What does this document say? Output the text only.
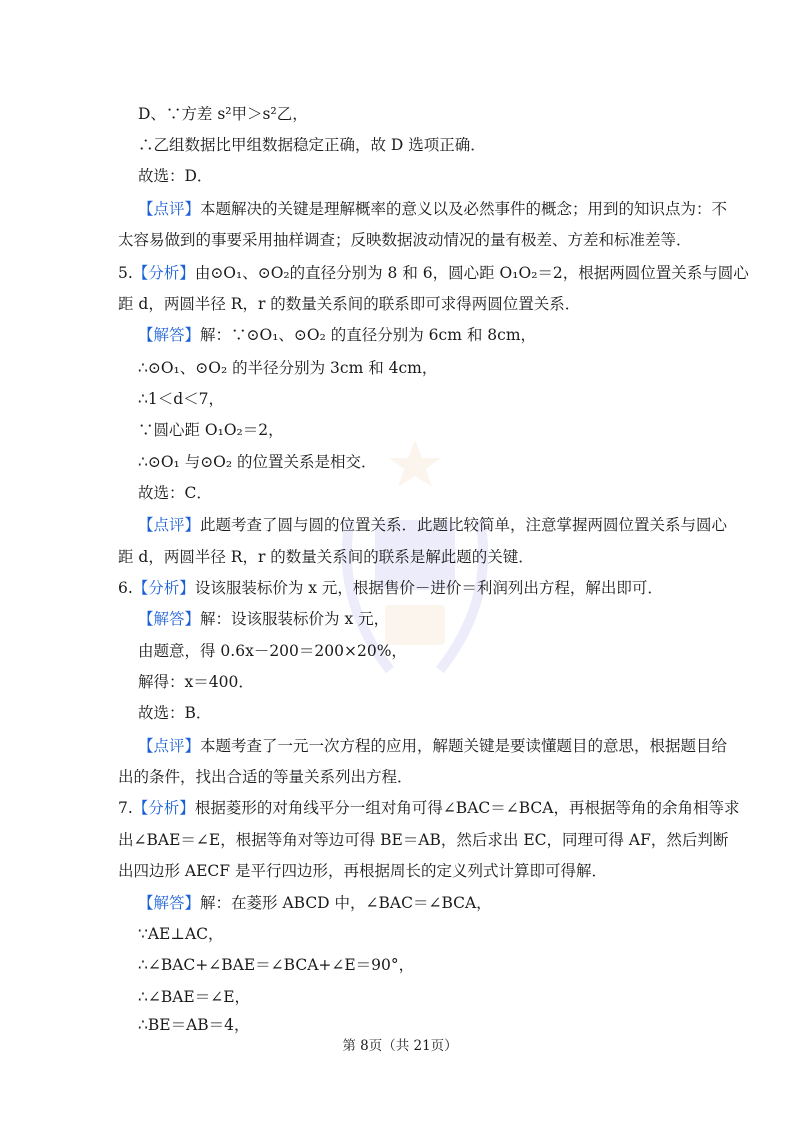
D、∵方差 s²甲＞s²乙，
∴乙组数据比甲组数据稳定正确，故 D 选项正确．
故选：D．
【点评】本题解决的关键是理解概率的意义以及必然事件的概念；用到的知识点为：不
太容易做到的事要采用抽样调查；反映数据波动情况的量有极差、方差和标准差等．
5.【分析】由⊙O₁、⊙O₂的直径分别为 8 和 6，圆心距 O₁O₂＝2，根据两圆位置关系与圆心
距 d，两圆半径 R，r 的数量关系间的联系即可求得两圆位置关系．
【解答】解：∵⊙O₁、⊙O₂ 的直径分别为 6cm 和 8cm，
∴⊙O₁、⊙O₂ 的半径分别为 3cm 和 4cm，
∴1＜d＜7，
∵圆心距 O₁O₂＝2，
∴⊙O₁ 与⊙O₂ 的位置关系是相交．
故选：C．
【点评】此题考查了圆与圆的位置关系．此题比较简单，注意掌握两圆位置关系与圆心
距 d，两圆半径 R，r 的数量关系间的联系是解此题的关键．
6.【分析】设该服装标价为 x 元，根据售价－进价＝利润列出方程，解出即可．
【解答】解：设该服装标价为 x 元，
由题意，得 0.6x－200＝200×20%，
解得：x＝400．
故选：B．
【点评】本题考查了一元一次方程的应用，解题关键是要读懂题目的意思，根据题目给
出的条件，找出合适的等量关系列出方程．
7.【分析】根据菱形的对角线平分一组对角可得∠BAC＝∠BCA，再根据等角的余角相等求
出∠BAE＝∠E，根据等角对等边可得 BE＝AB，然后求出 EC，同理可得 AF，然后判断
出四边形 AECF 是平行四边形，再根据周长的定义列式计算即可得解．
【解答】解：在菱形 ABCD 中，∠BAC＝∠BCA，
∵AE⊥AC，
∴∠BAC+∠BAE＝∠BCA+∠E＝90°，
∴∠BAE＝∠E，
∴BE＝AB＝4，
第 8页（共 21页）
